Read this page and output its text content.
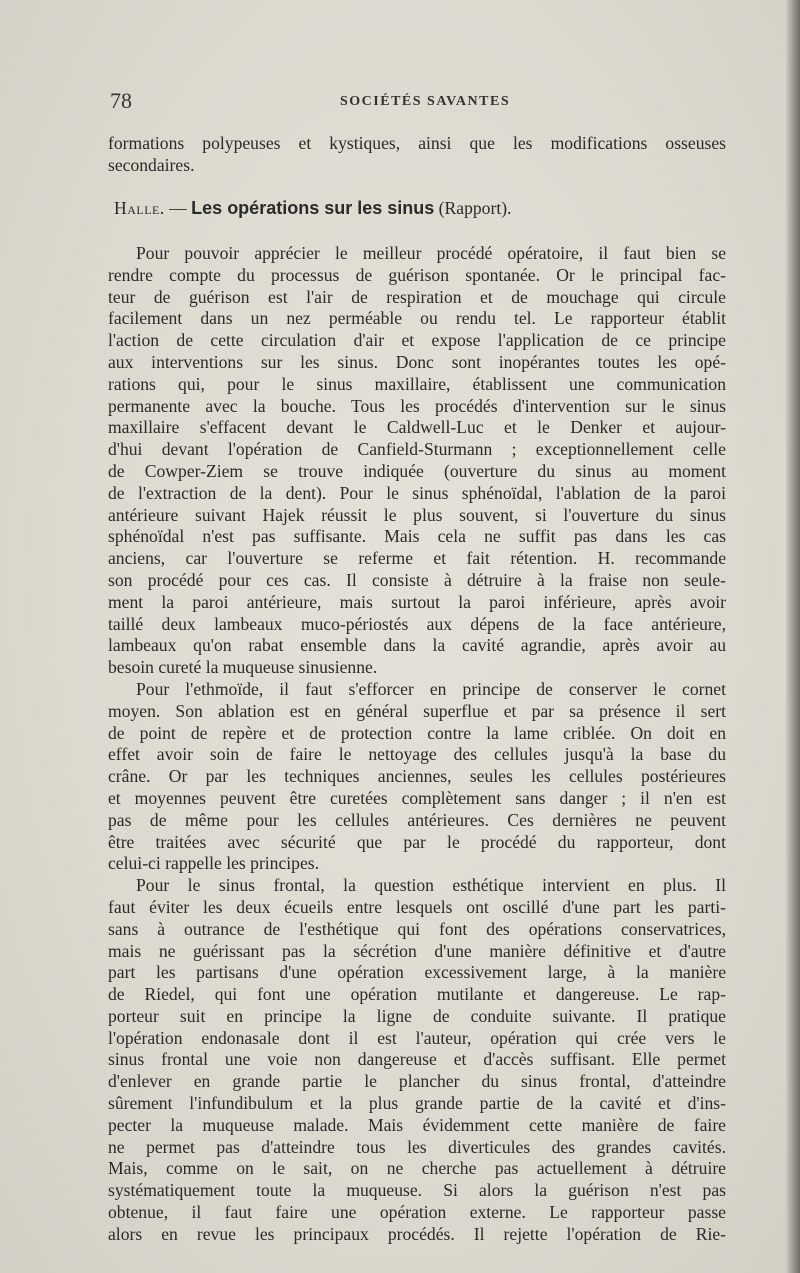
78	SOCIÉTÉS SAVANTES
formations polypeuses et kystiques, ainsi que les modifications osseuses
secondaires.
Halle. — Les opérations sur les sinus (Rapport).
Pour pouvoir apprécier le meilleur procédé opératoire, il faut bien se
rendre compte du processus de guérison spontanée. Or le principal fac-
teur de guérison est l'air de respiration et de mouchage qui circule
facilement dans un nez perméable ou rendu tel. Le rapporteur établit
l'action de cette circulation d'air et expose l'application de ce principe
aux interventions sur les sinus. Donc sont inopérantes toutes les opé-
rations qui, pour le sinus maxillaire, établissent une communication
permanente avec la bouche. Tous les procédés d'intervention sur le sinus
maxillaire s'effacent devant le Caldwell-Luc et le Denker et aujour-
d'hui devant l'opération de Canfield-Sturmann ; exceptionnellement celle
de Cowper-Ziem se trouve indiquée (ouverture du sinus au moment
de l'extraction de la dent). Pour le sinus sphénoïdal, l'ablation de la paroi
antérieure suivant Hajek réussit le plus souvent, si l'ouverture du sinus
sphénoïdal n'est pas suffisante. Mais cela ne suffit pas dans les cas
anciens, car l'ouverture se referme et fait rétention. H. recommande
son procédé pour ces cas. Il consiste à détruire à la fraise non seule-
ment la paroi antérieure, mais surtout la paroi inférieure, après avoir
taillé deux lambeaux muco-périostés aux dépens de la face antérieure,
lambeaux qu'on rabat ensemble dans la cavité agrandie, après avoir au
besoin cureté la muqueuse sinusienne.
Pour l'ethmoïde, il faut s'efforcer en principe de conserver le cornet
moyen. Son ablation est en général superflue et par sa présence il sert
de point de repère et de protection contre la lame criblée. On doit en
effet avoir soin de faire le nettoyage des cellules jusqu'à la base du
crâne. Or par les techniques anciennes, seules les cellules postérieures
et moyennes peuvent être curetées complètement sans danger ; il n'en est
pas de même pour les cellules antérieures. Ces dernières ne peuvent
être traitées avec sécurité que par le procédé du rapporteur, dont
celui-ci rappelle les principes.
Pour le sinus frontal, la question esthétique intervient en plus. Il
faut éviter les deux écueils entre lesquels ont oscillé d'une part les parti-
sans à outrance de l'esthétique qui font des opérations conservatrices,
mais ne guérissant pas la sécrétion d'une manière définitive et d'autre
part les partisans d'une opération excessivement large, à la manière
de Riedel, qui font une opération mutilante et dangereuse. Le rap-
porteur suit en principe la ligne de conduite suivante. Il pratique
l'opération endonasale dont il est l'auteur, opération qui crée vers le
sinus frontal une voie non dangereuse et d'accès suffisant. Elle permet
d'enlever en grande partie le plancher du sinus frontal, d'atteindre
sûrement l'infundibulum et la plus grande partie de la cavité et d'ins-
pecter la muqueuse malade. Mais évidemment cette manière de faire
ne permet pas d'atteindre tous les diverticules des grandes cavités.
Mais, comme on le sait, on ne cherche pas actuellement à détruire
systématiquement toute la muqueuse. Si alors la guérison n'est pas
obtenue, il faut faire une opération externe. Le rapporteur passe
alors en revue les principaux procédés. Il rejette l'opération de Rie-
